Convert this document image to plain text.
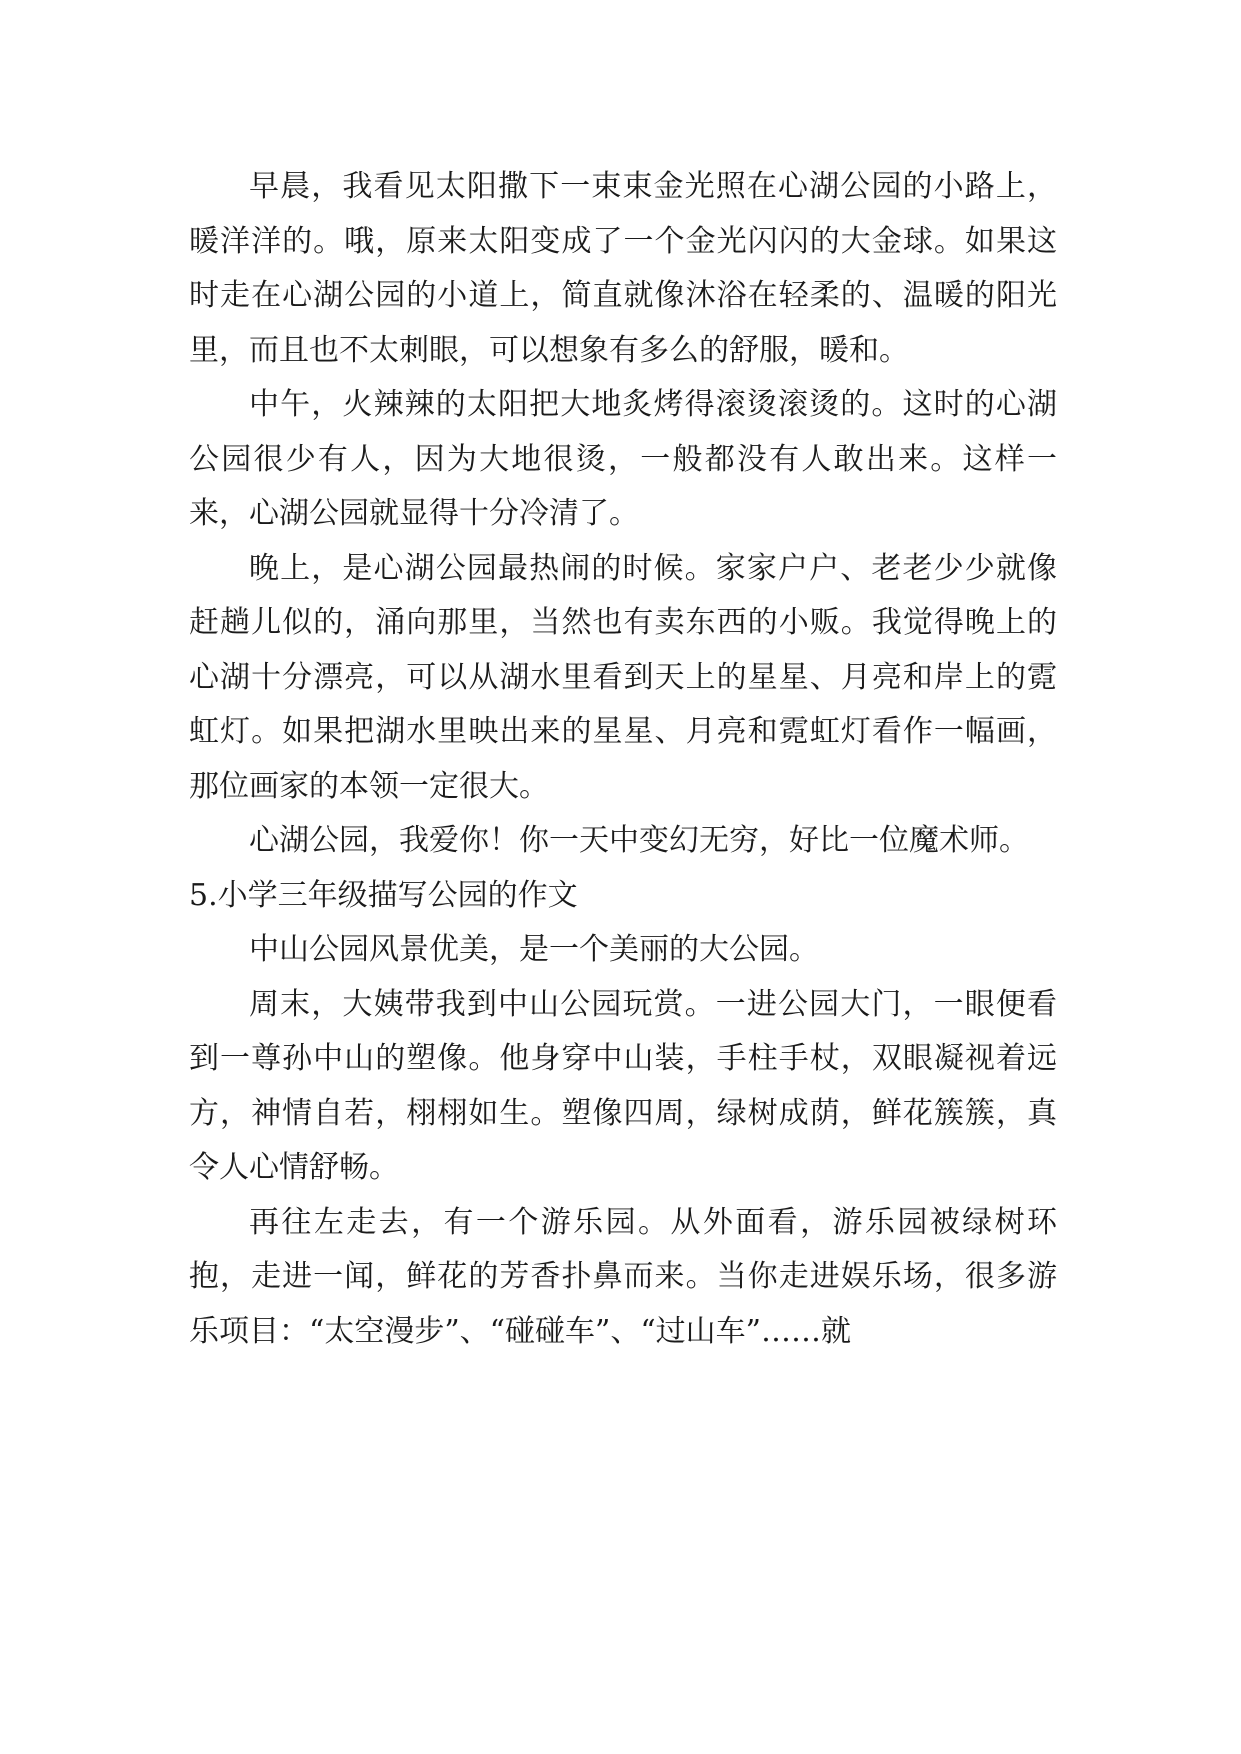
早晨，我看见太阳撒下一束束金光照在心湖公园的小路上，暖洋洋的。哦，原来太阳变成了一个金光闪闪的大金球。如果这时走在心湖公园的小道上，简直就像沐浴在轻柔的、温暖的阳光里，而且也不太刺眼，可以想象有多么的舒服，暖和。

中午，火辣辣的太阳把大地炙烤得滚烫滚烫的。这时的心湖公园很少有人，因为大地很烫，一般都没有人敢出来。这样一来，心湖公园就显得十分冷清了。

晚上，是心湖公园最热闹的时候。家家户户、老老少少就像赶趟儿似的，涌向那里，当然也有卖东西的小贩。我觉得晚上的心湖十分漂亮，可以从湖水里看到天上的星星、月亮和岸上的霓虹灯。如果把湖水里映出来的星星、月亮和霓虹灯看作一幅画，那位画家的本领一定很大。

心湖公园，我爱你！你一天中变幻无穷，好比一位魔术师。

5.小学三年级描写公园的作文

中山公园风景优美，是一个美丽的大公园。

周末，大姨带我到中山公园玩赏。一进公园大门，一眼便看到一尊孙中山的塑像。他身穿中山装，手柱手杖，双眼凝视着远方，神情自若，栩栩如生。塑像四周，绿树成荫，鲜花簇簇，真令人心情舒畅。

再往左走去，有一个游乐园。从外面看，游乐园被绿树环抱，走进一闻，鲜花的芳香扑鼻而来。当你走进娱乐场，很多游乐项目：“太空漫步”、“碰碰车”、“过山车”……就
